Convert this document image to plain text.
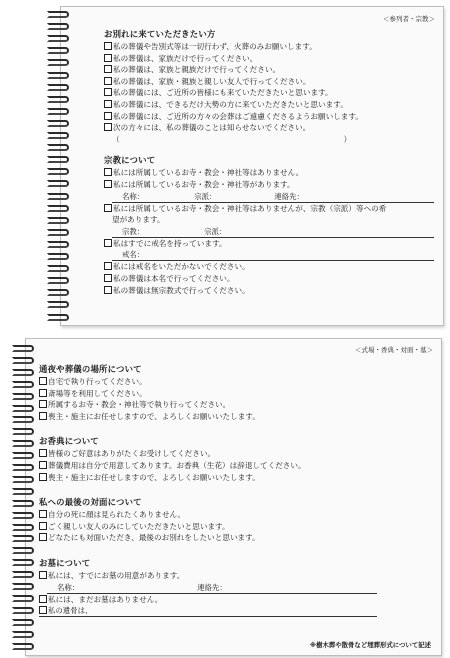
＜参列者・宗教＞
お別れに来ていただきたい方
私の葬儀や告別式等は一切行わず、火葬のみお願いします。
私の葬儀は、家族だけで行ってください。
私の葬儀は、家族と親族だけで行ってください。
私の葬儀は、家族・親族と親しい友人で行ってください。
私の葬儀には、ご近所の皆様にも来ていただきたいと思います。
私の葬儀には、できるだけ大勢の方に来ていただきたいと思います。
私の葬儀には、ご近所の方々の会葬はご遠慮くださるようお願いします。
次の方々には、私の葬儀のことは知らせないでください。
（	）
宗教について
私には所属しているお寺・教会・神社等はありません。
私には所属しているお寺・教会・神社等があります。
名称：	宗派：	連絡先：
私には所属しているお寺・教会・神社等はありませんが、宗教（宗派）等への希
望があります。
宗教：	宗派：
私はすでに戒名を持っています。
戒名：
私には戒名をいただかないでください。
私の葬儀は本名で行ってください。
私の葬儀は無宗教式で行ってください。
＜式場・香典・対面・墓＞
通夜や葬儀の場所について
自宅で執り行ってください。
斎場等を利用してください。
所属するお寺・教会・神社等で執り行ってください。
喪主・施主にお任せしますので、よろしくお願いいたします。
お香典について
皆様のご好意はありがたくお受けしてください。
葬儀費用は自分で用意してあります。お香典（生花）は辞退してください。
喪主・施主にお任せしますので、よろしくお願いいたします。
私への最後の対面について
自分の死に顔は見られたくありません。
ごく親しい友人のみにしていただきたいと思います。
どなたにも対面いただき、最後のお別れをしたいと思います。
お墓について
私には、すでにお墓の用意があります。
名称：	連絡先：
私には、まだお墓はありません。
私の遺骨は、
※樹木葬や散骨など埋葬形式について記述
